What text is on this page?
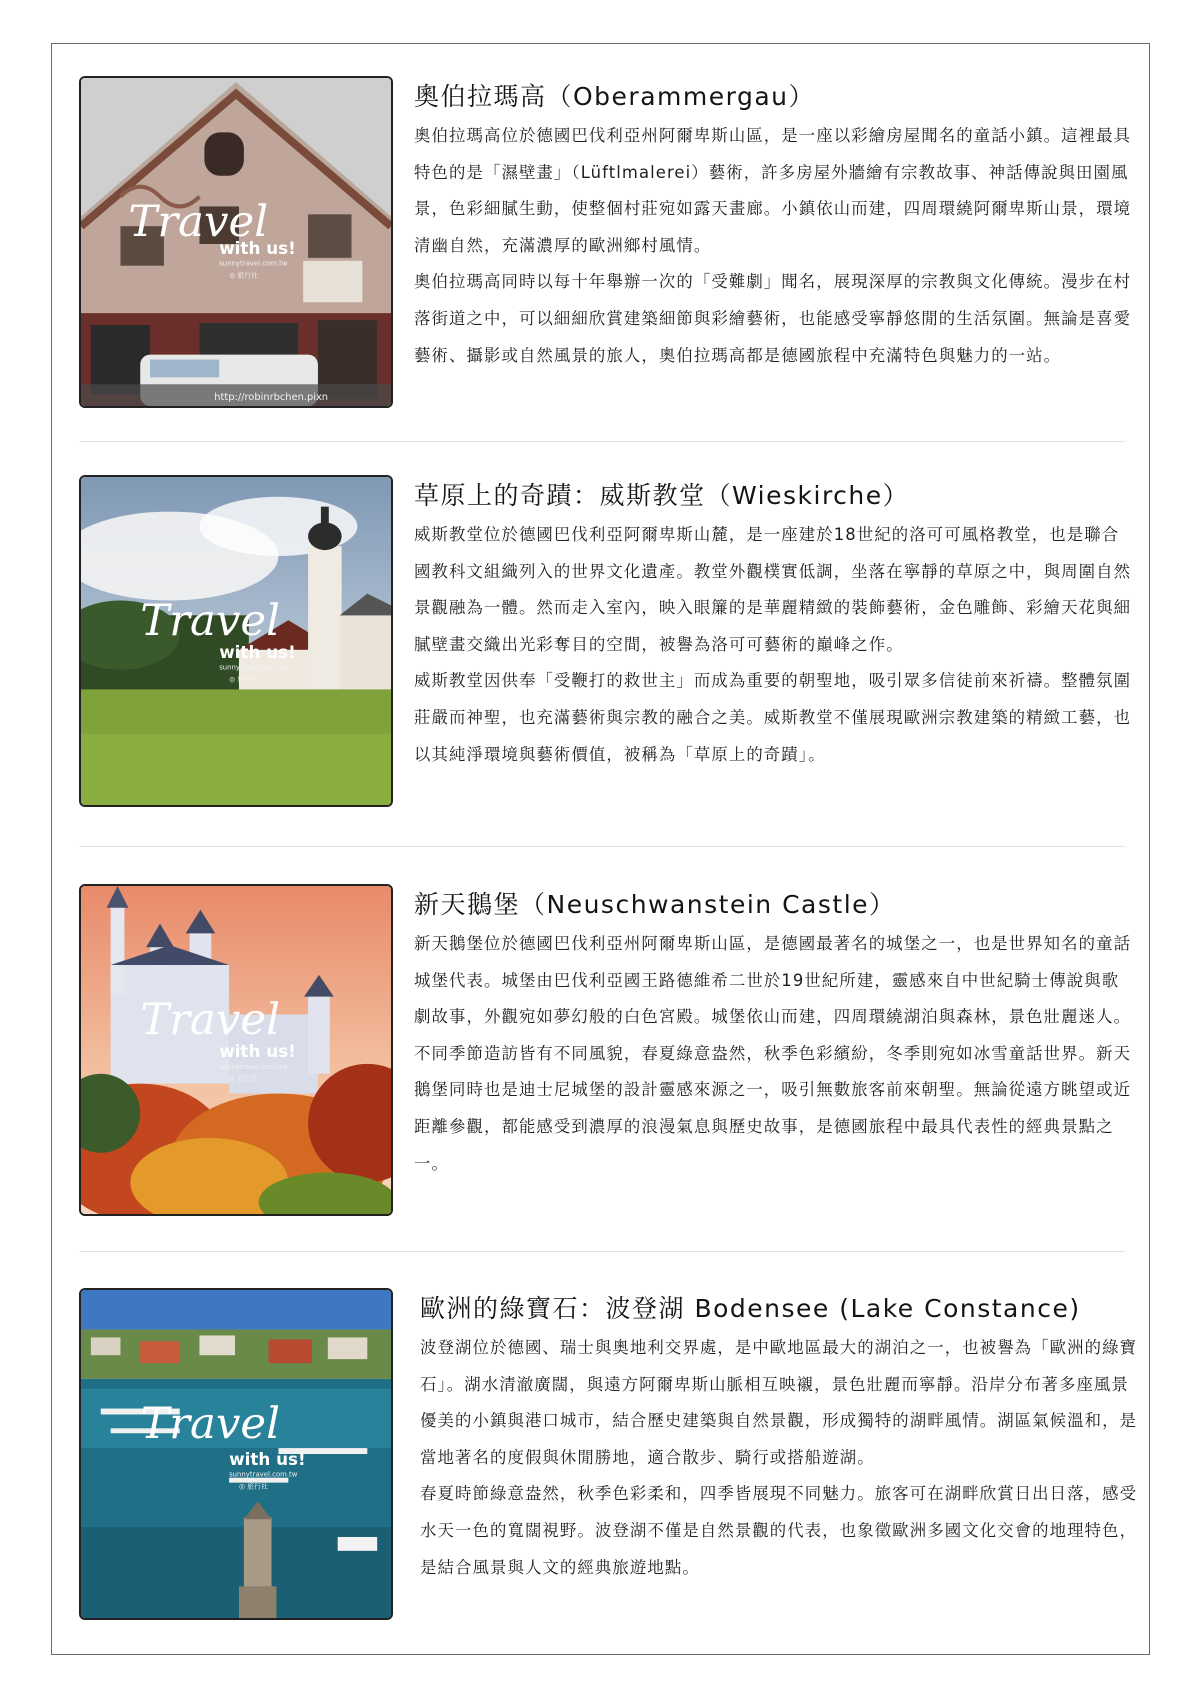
Travel
with us!
sunnytravel.com.tw
◎ 旅行社
http://robinrbchen.pixn
奧伯拉瑪高（Oberammergau）

奧伯拉瑪高位於德國巴伐利亞州阿爾卑斯山區，是一座以彩繪房屋聞名的童話小鎮。這裡最具特色的是「濕壁畫」（Lüftlmalerei）藝術，許多房屋外牆繪有宗教故事、神話傳說與田園風景，色彩細膩生動，使整個村莊宛如露天畫廊。小鎮依山而建，四周環繞阿爾卑斯山景，環境清幽自然，充滿濃厚的歐洲鄉村風情。

奧伯拉瑪高同時以每十年舉辦一次的「受難劇」聞名，展現深厚的宗教與文化傳統。漫步在村落街道之中，可以細細欣賞建築細節與彩繪藝術，也能感受寧靜悠閒的生活氛圍。無論是喜愛藝術、攝影或自然風景的旅人，奧伯拉瑪高都是德國旅程中充滿特色與魅力的一站。

Travel
with us!
sunnytravel.com.tw
◎ 旅行社
草原上的奇蹟：威斯教堂（Wieskirche）

威斯教堂位於德國巴伐利亞阿爾卑斯山麓，是一座建於18世紀的洛可可風格教堂，也是聯合國教科文組織列入的世界文化遺產。教堂外觀樸實低調，坐落在寧靜的草原之中，與周圍自然景觀融為一體。然而走入室內，映入眼簾的是華麗精緻的裝飾藝術，金色雕飾、彩繪天花與細膩壁畫交織出光彩奪目的空間，被譽為洛可可藝術的巔峰之作。

威斯教堂因供奉「受鞭打的救世主」而成為重要的朝聖地，吸引眾多信徒前來祈禱。整體氛圍莊嚴而神聖，也充滿藝術與宗教的融合之美。威斯教堂不僅展現歐洲宗教建築的精緻工藝，也以其純淨環境與藝術價值，被稱為「草原上的奇蹟」。

Travel
with us!
sunnytravel.com.tw
◎ 旅行社
新天鵝堡（Neuschwanstein Castle）

新天鵝堡位於德國巴伐利亞州阿爾卑斯山區，是德國最著名的城堡之一，也是世界知名的童話城堡代表。城堡由巴伐利亞國王路德維希二世於19世紀所建，靈感來自中世紀騎士傳說與歌劇故事，外觀宛如夢幻般的白色宮殿。城堡依山而建，四周環繞湖泊與森林，景色壯麗迷人。不同季節造訪皆有不同風貌，春夏綠意盎然，秋季色彩繽紛，冬季則宛如冰雪童話世界。新天鵝堡同時也是迪士尼城堡的設計靈感來源之一，吸引無數旅客前來朝聖。無論從遠方眺望或近距離參觀，都能感受到濃厚的浪漫氣息與歷史故事，是德國旅程中最具代表性的經典景點之一。

Travel
with us!
sunnytravel.com.tw
◎ 旅行社
歐洲的綠寶石：波登湖 Bodensee (Lake Constance)

波登湖位於德國、瑞士與奧地利交界處，是中歐地區最大的湖泊之一，也被譽為「歐洲的綠寶石」。湖水清澈廣闊，與遠方阿爾卑斯山脈相互映襯，景色壯麗而寧靜。沿岸分布著多座風景優美的小鎮與港口城市，結合歷史建築與自然景觀，形成獨特的湖畔風情。湖區氣候溫和，是當地著名的度假與休閒勝地，適合散步、騎行或搭船遊湖。

春夏時節綠意盎然，秋季色彩柔和，四季皆展現不同魅力。旅客可在湖畔欣賞日出日落，感受水天一色的寬闊視野。波登湖不僅是自然景觀的代表，也象徵歐洲多國文化交會的地理特色，是結合風景與人文的經典旅遊地點。
